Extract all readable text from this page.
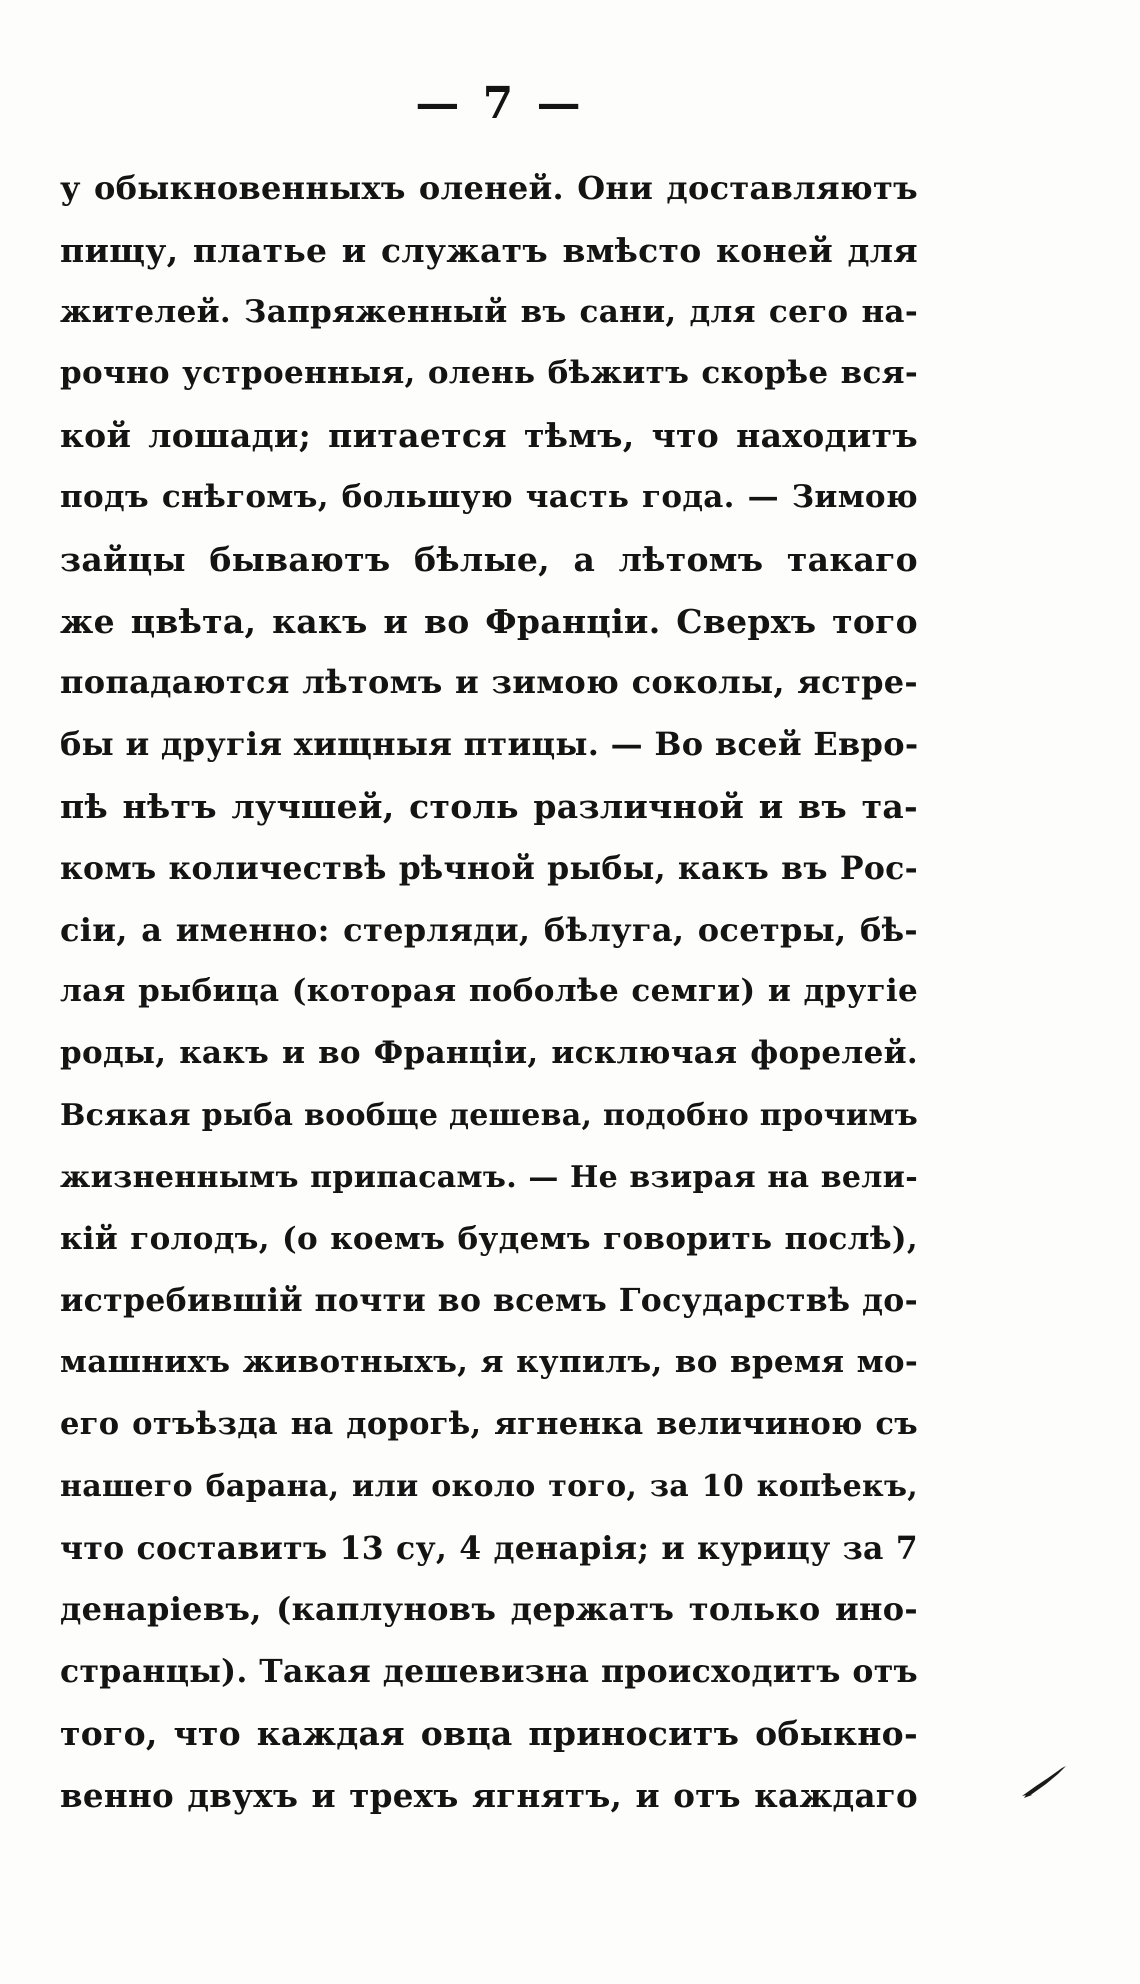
— 7 —
у обыкновенныхъ оленей. Они доставляютъ
пищу, платье и служатъ вмѣсто коней для
жителей. Запряженный въ сани, для сего на-
рочно устроенныя, олень бѣжитъ скорѣе вся-
кой лошади; питается тѣмъ, что находитъ
подъ снѣгомъ, большую часть года. — Зимою
зайцы бываютъ бѣлые, а лѣтомъ такаго
же цвѣта, какъ и во Франціи. Сверхъ того
попадаются лѣтомъ и зимою соколы, ястре-
бы и другія хищныя птицы. — Во всей Евро-
пѣ нѣтъ лучшей, столь различной и въ та-
комъ количествѣ рѣчной рыбы, какъ въ Рос-
сіи, а именно: стерляди, бѣлуга, осетры, бѣ-
лая рыбица (которая поболѣе семги) и другіе
роды, какъ и во Франціи, исключая форелей.
Всякая рыба вообще дешева, подобно прочимъ
жизненнымъ припасамъ. — Не взирая на вели-
кій голодъ, (о коемъ будемъ говорить послѣ),
истребившій почти во всемъ Государствѣ до-
машнихъ животныхъ, я купилъ, во время мо-
его отъѣзда на дорогѣ, ягненка величиною съ
нашего барана, или около того, за 10 копѣекъ,
что составитъ 13 су, 4 денарія; и курицу за 7
денаріевъ, (каплуновъ держатъ только ино-
странцы). Такая дешевизна происходитъ отъ
того, что каждая овца приноситъ обыкно-
венно двухъ и трехъ ягнятъ, и отъ каждаго
